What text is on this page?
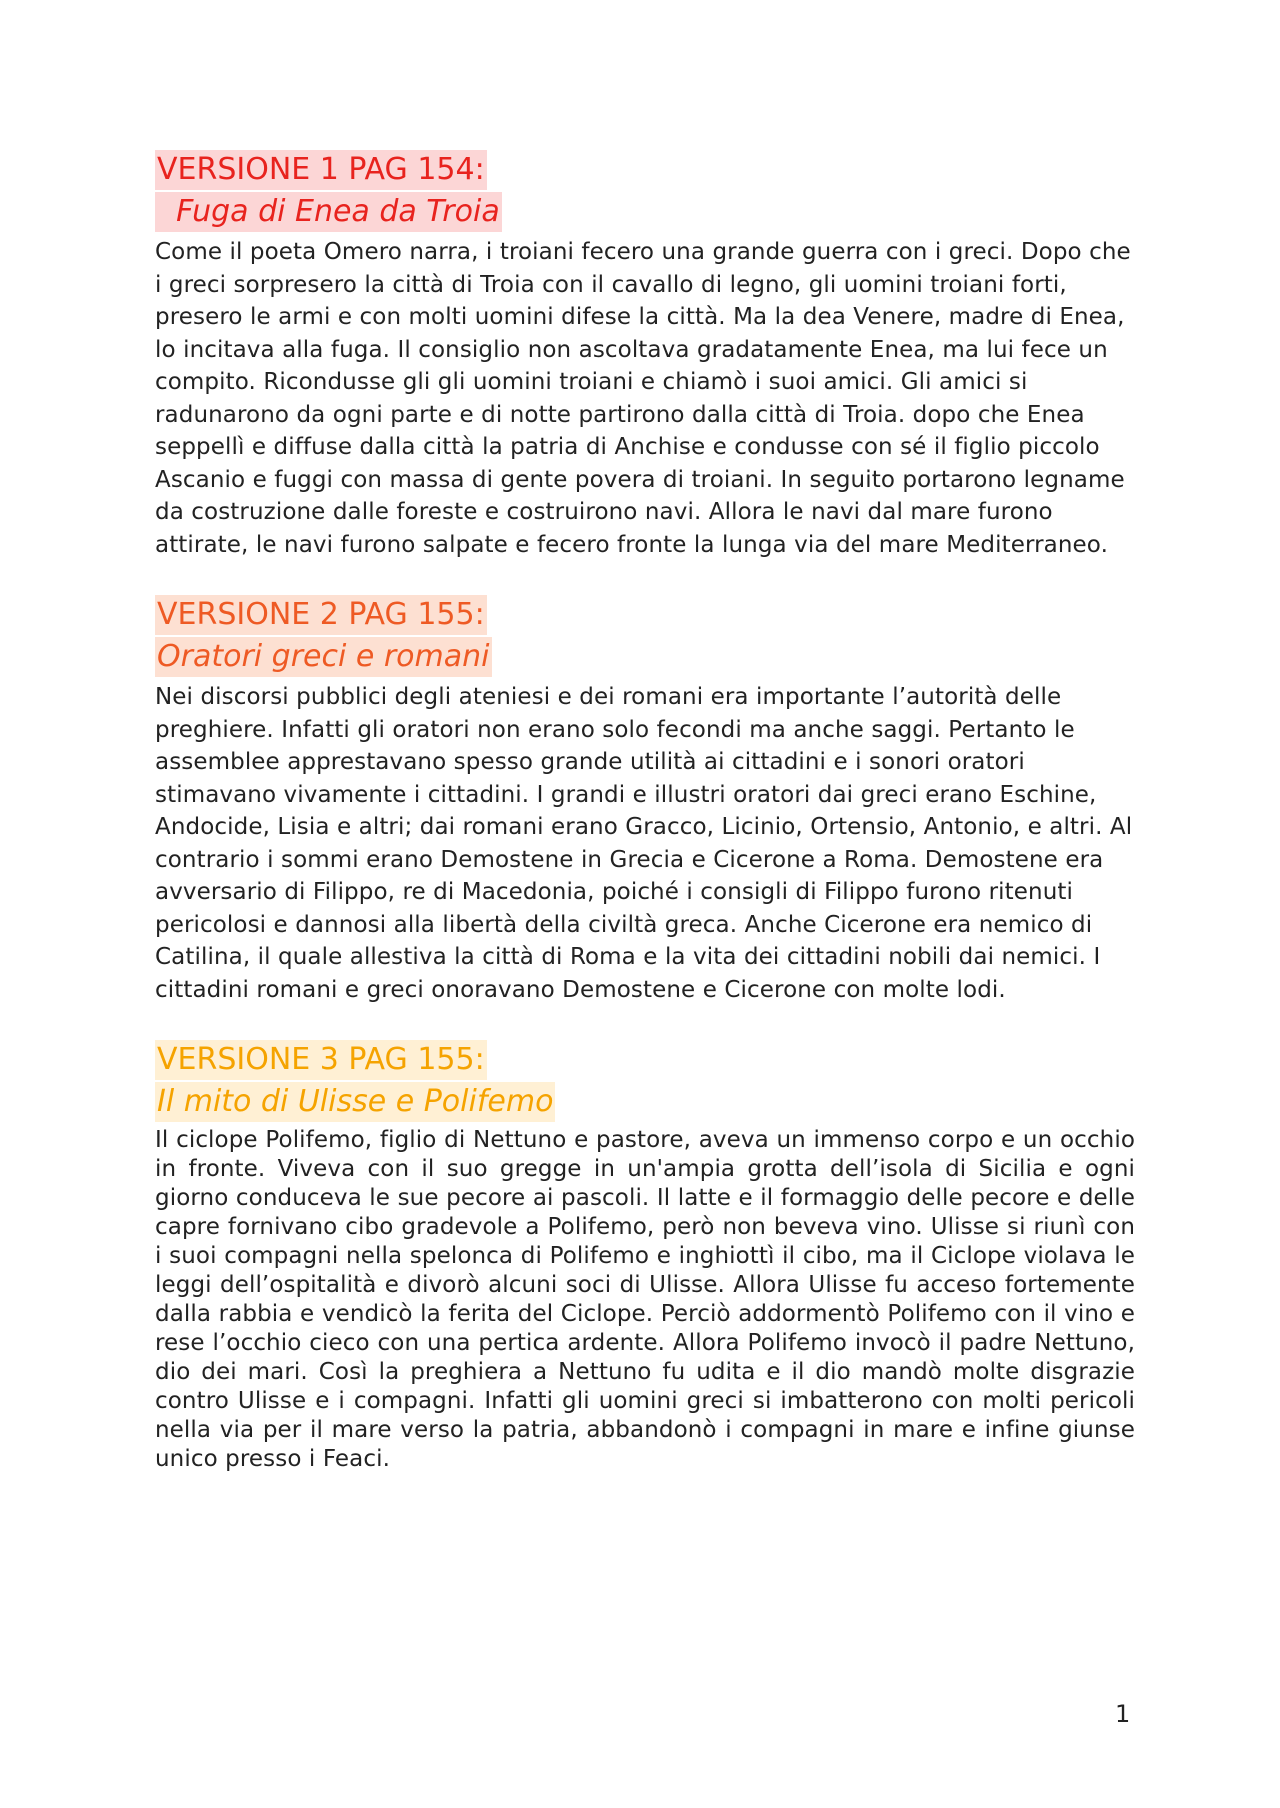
VERSIONE 1 PAG 154:
Fuga di Enea da Troia

Come il poeta Omero narra, i troiani fecero una grande guerra con i greci. Dopo che i greci sorpresero la città di Troia con il cavallo di legno, gli uomini troiani forti, presero le armi e con molti uomini difese la città. Ma la dea Venere, madre di Enea, lo incitava alla fuga. Il consiglio non ascoltava gradatamente Enea, ma lui fece un compito. Ricondusse gli gli uomini troiani e chiamò i suoi amici. Gli amici si radunarono da ogni parte e di notte partirono dalla città di Troia. dopo che Enea seppellì e diffuse dalla città la patria di Anchise e condusse con sé il figlio piccolo Ascanio e fuggi con massa di gente povera di troiani. In seguito portarono legname da costruzione dalle foreste e costruirono navi. Allora le navi dal mare furono attirate, le navi furono salpate e fecero fronte la lunga via del mare Mediterraneo.

VERSIONE 2 PAG 155:
Oratori greci e romani

Nei discorsi pubblici degli ateniesi e dei romani era importante l’autorità delle preghiere. Infatti gli oratori non erano solo fecondi ma anche saggi. Pertanto le assemblee apprestavano spesso grande utilità ai cittadini e i sonori oratori stimavano vivamente i cittadini. I grandi e illustri oratori dai greci erano Eschine, Andocide, Lisia e altri; dai romani erano Gracco, Licinio, Ortensio, Antonio, e altri. Al contrario i sommi erano Demostene in Grecia e Cicerone a Roma. Demostene era avversario di Filippo, re di Macedonia, poiché i consigli di Filippo furono ritenuti pericolosi e dannosi alla libertà della civiltà greca. Anche Cicerone era nemico di Catilina, il quale allestiva la città di Roma e la vita dei cittadini nobili dai nemici. I cittadini romani e greci onoravano Demostene e Cicerone con molte lodi.

VERSIONE 3 PAG 155:
Il mito di Ulisse e Polifemo

Il ciclope Polifemo, figlio di Nettuno e pastore, aveva un immenso corpo e un occhio in fronte. Viveva con il suo gregge in un'ampia grotta dell’isola di Sicilia e ogni giorno conduceva le sue pecore ai pascoli. Il latte e il formaggio delle pecore e delle capre fornivano cibo gradevole a Polifemo, però non beveva vino. Ulisse si riunì con i suoi compagni nella spelonca di Polifemo e inghiottì il cibo, ma il Ciclope violava le leggi dell’ospitalità e divorò alcuni soci di Ulisse. Allora Ulisse fu acceso fortemente dalla rabbia e vendicò la ferita del Ciclope. Perciò addormentò Polifemo con il vino e rese l’occhio cieco con una pertica ardente. Allora Polifemo invocò il padre Nettuno, dio dei mari. Così la preghiera a Nettuno fu udita e il dio mandò molte disgrazie contro Ulisse e i compagni. Infatti gli uomini greci si imbatterono con molti pericoli nella via per il mare verso la patria, abbandonò i compagni in mare e infine giunse unico presso i Feaci.

1
